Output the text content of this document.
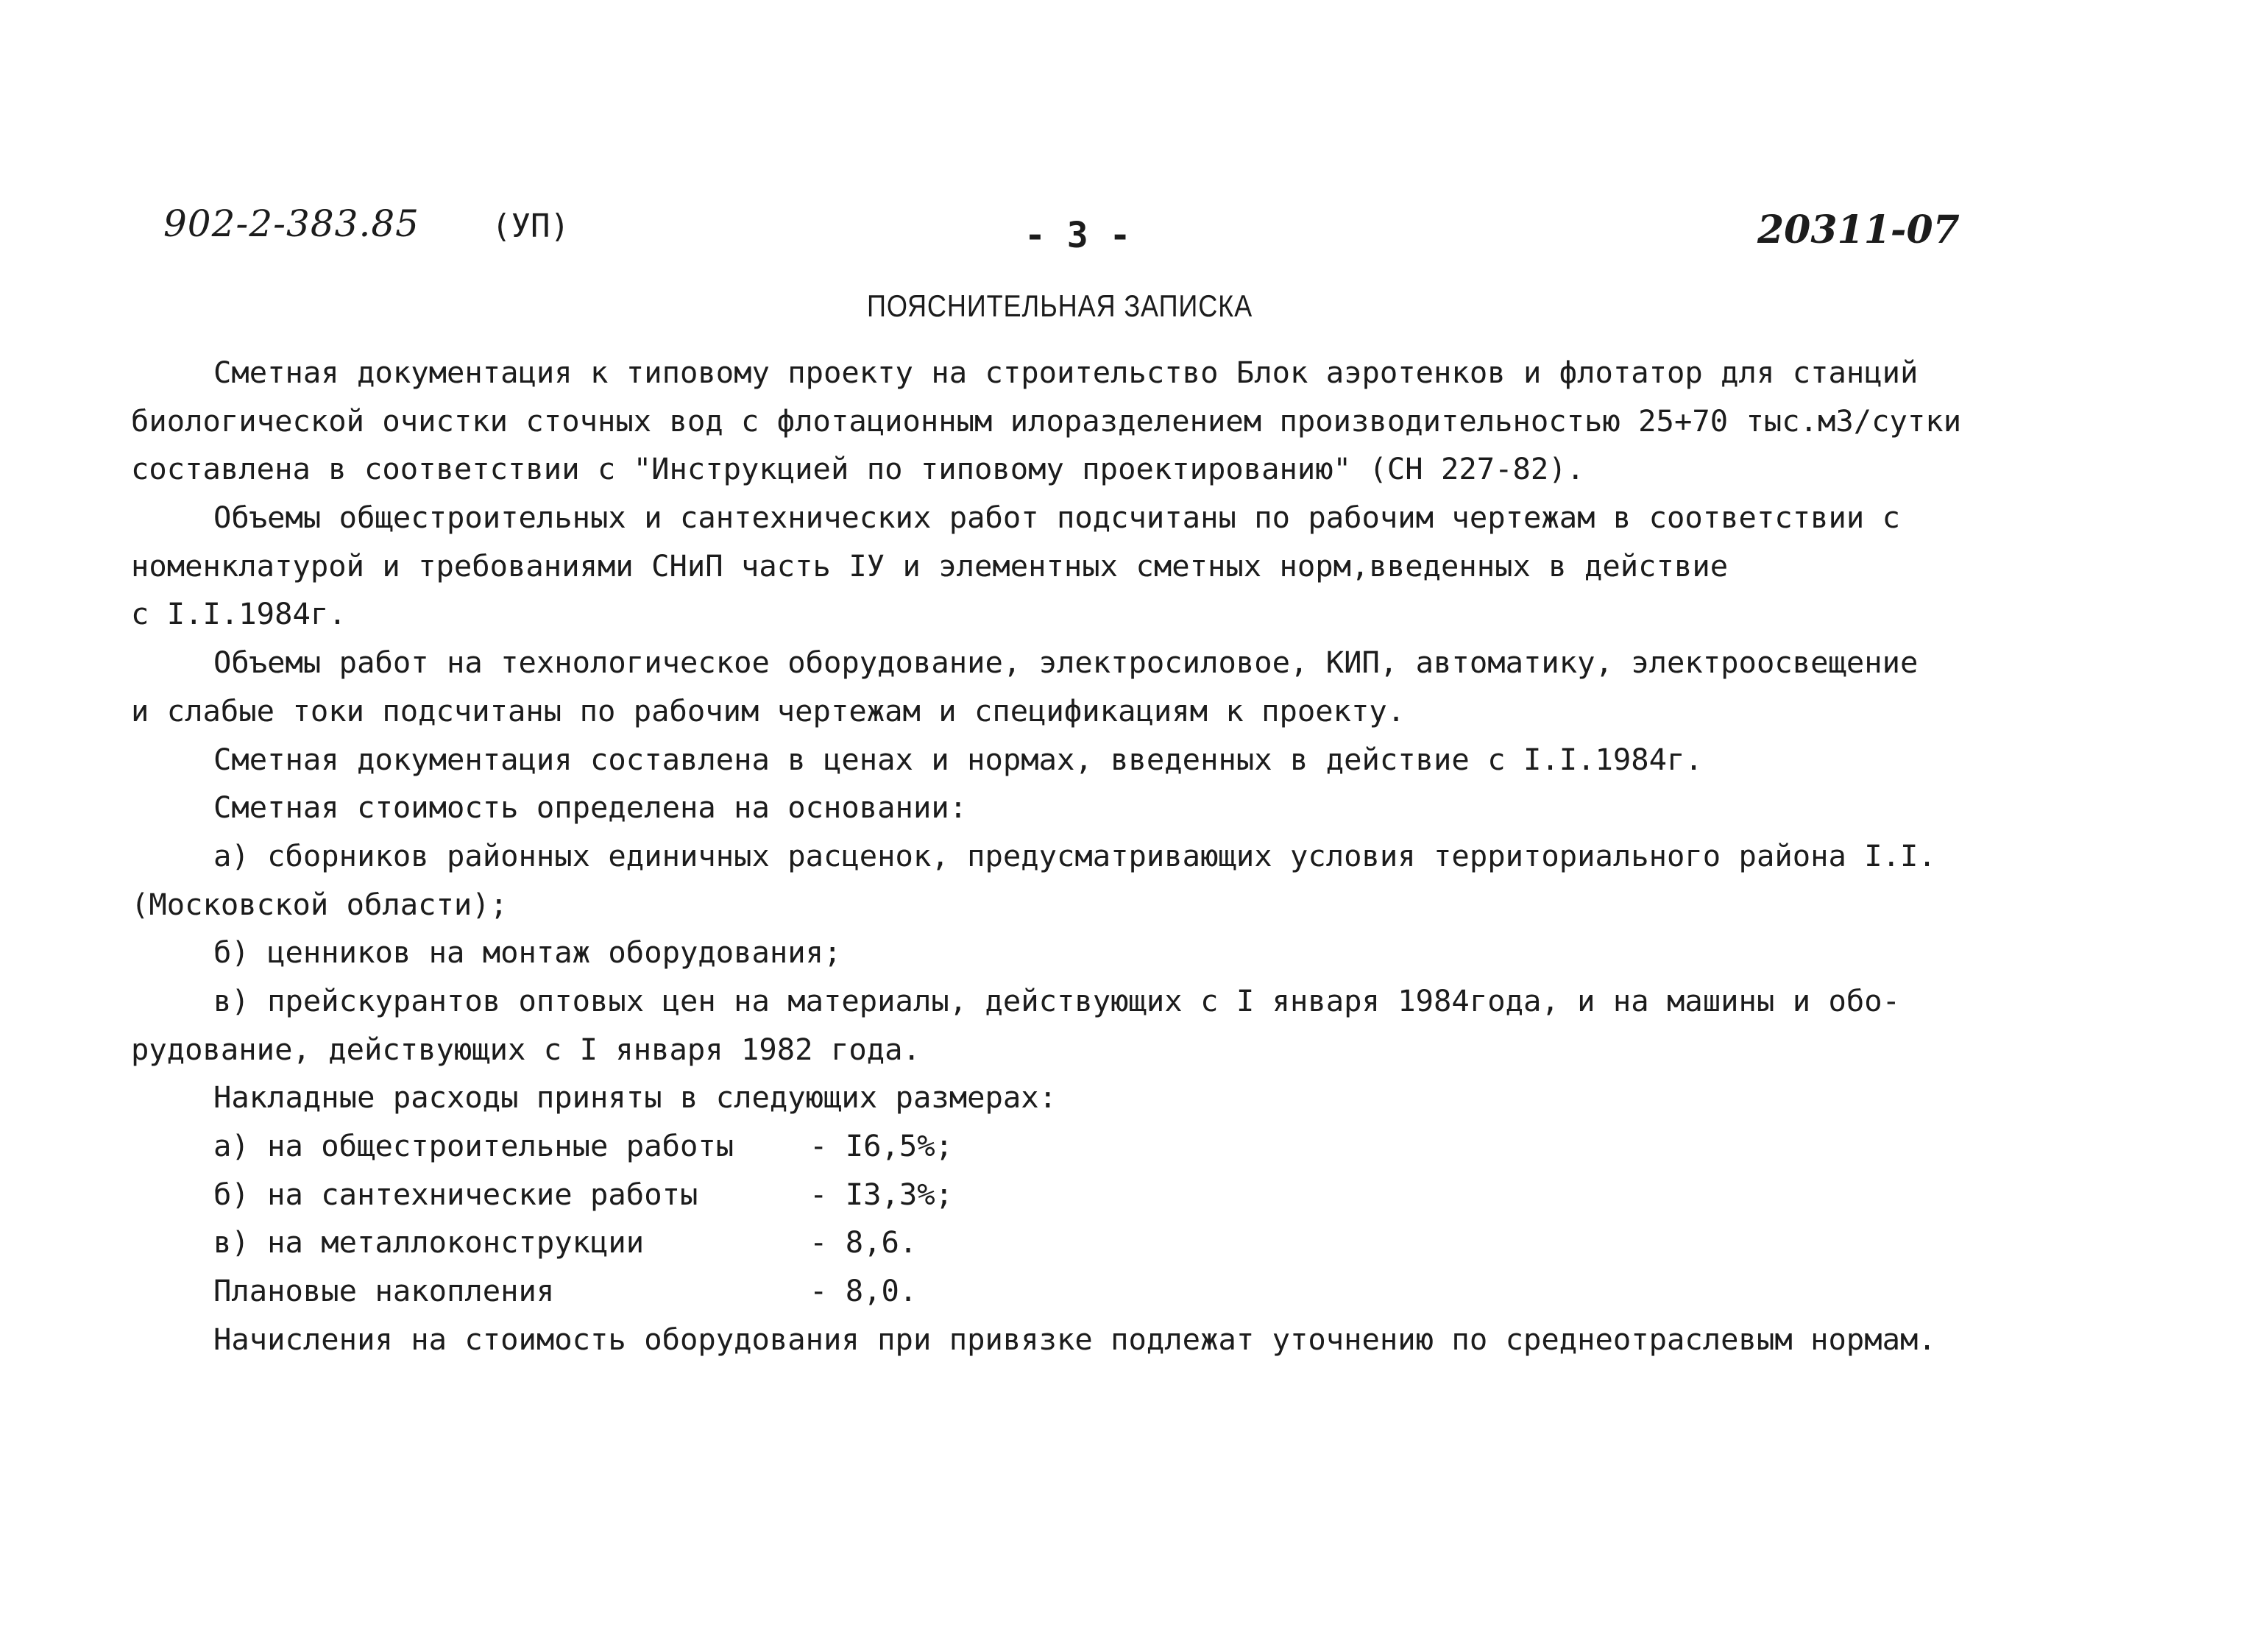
902-2-383.85 (УП)	- 3 -	20311-07
ПОЯСНИТЕЛЬНАЯ ЗАПИСКА
Сметная документация к типовому проекту на строительство Блок аэротенков и флотатор для станций
биологической очистки сточных вод с флотационным илоразделением производительностью 25+70 тыс.м3/сутки
составлена в соответствии с "Инструкцией по типовому проектированию" (СН 227-82).
Объемы общестроительных и сантехнических работ подсчитаны по рабочим чертежам в соответствии с
номенклатурой и требованиями СНиП часть IУ и элементных сметных норм,введенных в действие
с I.I.1984г.
Объемы работ на технологическое оборудование, электросиловое, КИП, автоматику, электроосвещение
и слабые токи подсчитаны по рабочим чертежам и спецификациям к проекту.
Сметная документация составлена в ценах и нормах, введенных в действие с I.I.1984г.
Сметная стоимость определена на основании:
а) сборников районных единичных расценок, предусматривающих условия территориального района I.I.
(Московской области);
б) ценников на монтаж оборудования;
в) прейскурантов оптовых цен на материалы, действующих с I января 1984года, и на машины и обо-
рудование, действующих с I января 1982 года.
Накладные расходы приняты в следующих размерах:
а) на общестроительные работы	- I6,5%;
б) на сантехнические работы	- I3,3%;
в) на металлоконструкции	- 8,6.
Плановые накопления	- 8,0.
Начисления на стоимость оборудования при привязке подлежат уточнению по среднеотраслевым нормам.
